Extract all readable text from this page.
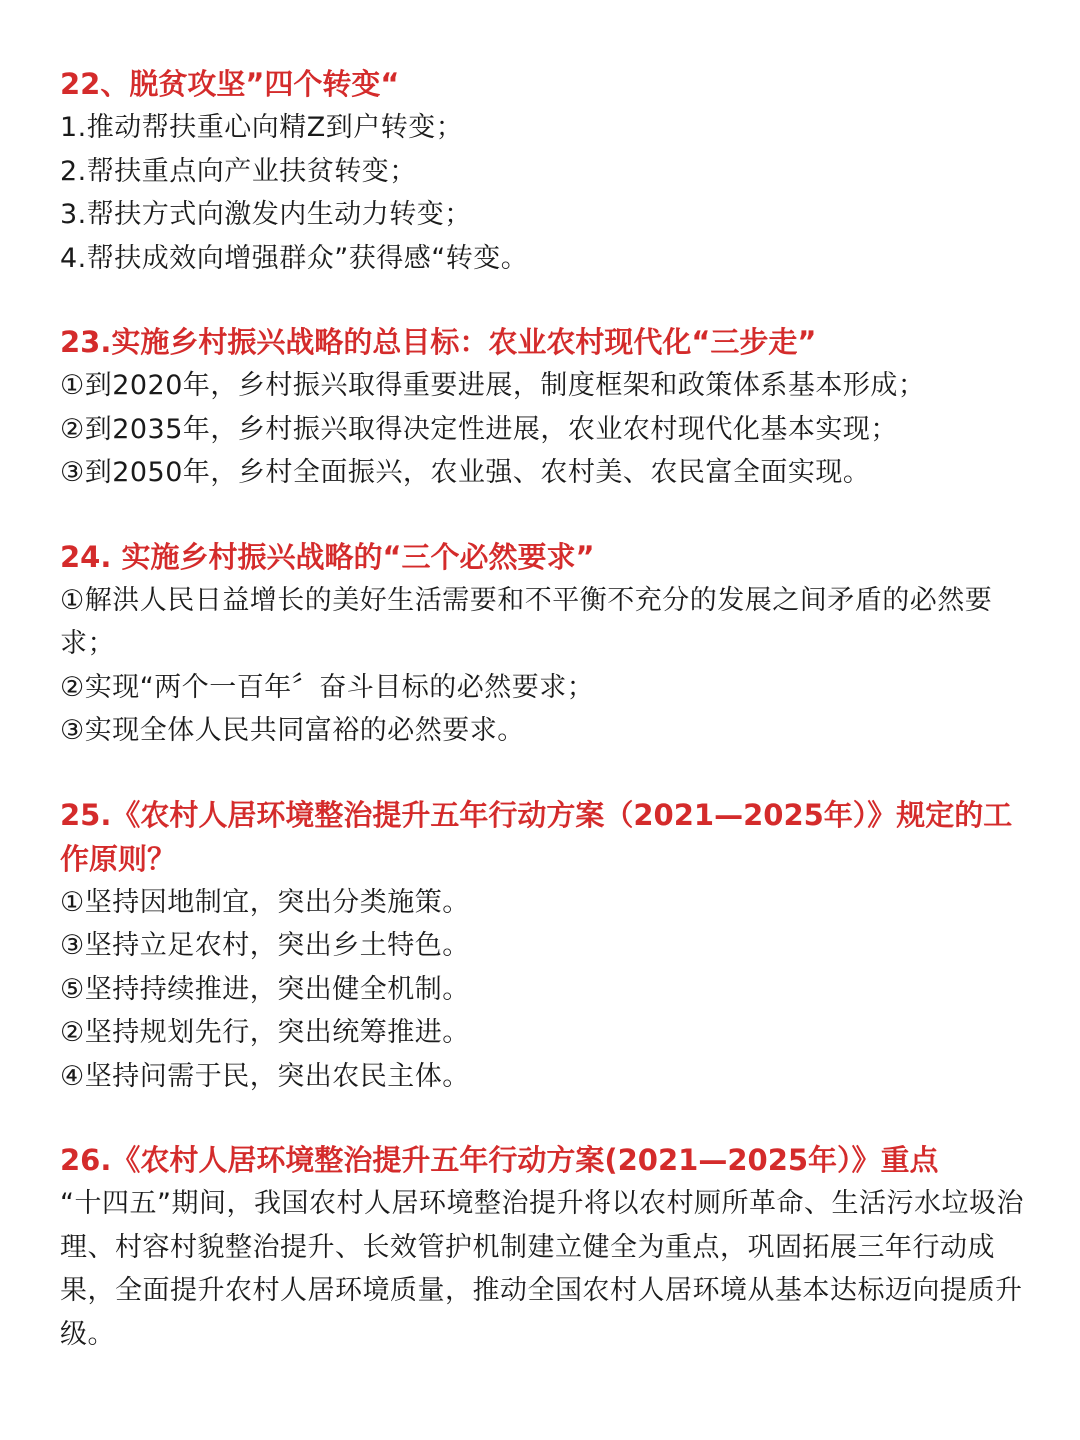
22、脱贫攻坚”四个转变“

1.推动帮扶重心向精Z到户转变；

2.帮扶重点向产业扶贫转变；

3.帮扶方式向激发内生动力转变；

4.帮扶成效向增强群众”获得感“转变。

23.实施乡村振兴战略的总目标：农业农村现代化“三步走”

①到2020年，乡村振兴取得重要进展，制度框架和政策体系基本形成；

②到2035年，乡村振兴取得决定性进展，农业农村现代化基本实现；

③到2050年，乡村全面振兴，农业强、农村美、农民富全面实现。

24. 实施乡村振兴战略的“三个必然要求”

①解洪人民日益增长的美好生活需要和不平衡不充分的发展之间矛盾的必然要求；

②实现“两个一百年〞奋斗目标的必然要求；

③实现全体人民共同富裕的必然要求。

25.《农村人居环境整治提升五年行动方案（2021—2025年）》规定的工作原则？

①坚持因地制宜，突出分类施策。

③坚持立足农村，突出乡土特色。

⑤坚持持续推进，突出健全机制。

②坚持规划先行，突出统筹推进。

④坚持问需于民，突出农民主体。

26.《农村人居环境整治提升五年行动方案(2021—2025年）》重点

“十四五”期间，我国农村人居环境整治提升将以农村厕所革命、生活污水垃圾治理、村容村貌整治提升、长效管护机制建立健全为重点，巩固拓展三年行动成果，全面提升农村人居环境质量，推动全国农村人居环境从基本达标迈向提质升级。
